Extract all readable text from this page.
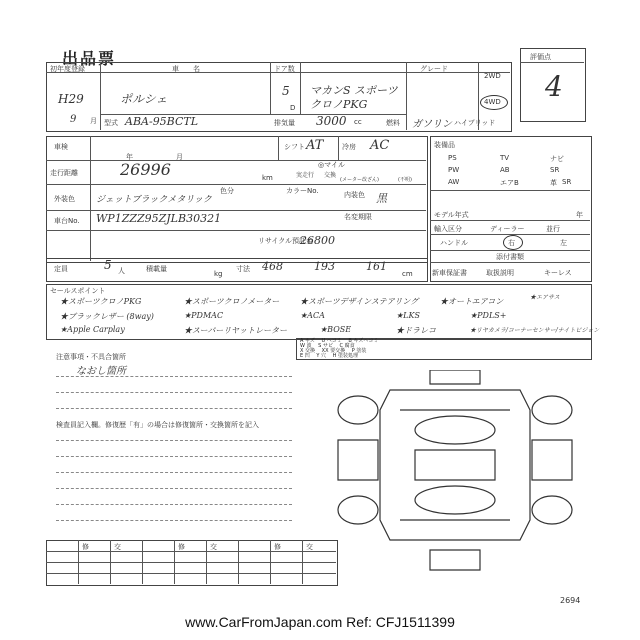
出品票	評価点
4
初年度登録
H29
9 月
車　　名
ポルシェ
ドア数
5
D
グレード
マカンS スポーツクロノPKG
2WD
4WD
型式 ABA-95BCTL	排気量 3000 cc	燃料 ガソリン ハイブリッド
車検
年	月
シフト AT	冷房 AC
走行距離	26996	km
◎マイル
実走行 交換
(メーター改ざん)	(不明)
外装色 ジェットブラックメタリック
色分	カラーNo.	内装色 黒
車台No. WP1ZZZ95ZJLB30321	名変期限
リサイクル預託金
26800
定員	5 人	積載量
kg
寸法 468	193	161
cm
装備品
PS
PW
AW
TV
AB
エアB
ナビ
SR
革 SR
モデル年式	年
輸入区分	ディーラー	並行
ハンドル	右	左
添付書類
新車保証書	取扱説明	キーレス
セールスポイント
★スポーツクロノPKG	★スポーツクロノメーター	★スポーツデザインステアリング	★オートエアコン	★エアサス
★ブラックレザー (8way)	★PDMAC	★ACA	★LKS	★PDLS+
★Apple Carplay	★スーパーリヤットレーター	★BOSE	★ドラレコ	★リヤカメラ/コーナーセンサー/ナイトビジョン
A キズ　 U ヘコミ　 B キズヘコミ
W 波　 S サビ　 C 腐食
X 交換　 XX 要交換　 P 塗装
E 凹　 Y 穴　 H 塗装処理
注意事項・不具合箇所
なおし箇所
検査員記入欄。修復歴「有」の場合は修復箇所・交換箇所を記入
修	交	修	交	修	交
2694
www.CarFromJapan.com Ref: CFJ1511399
